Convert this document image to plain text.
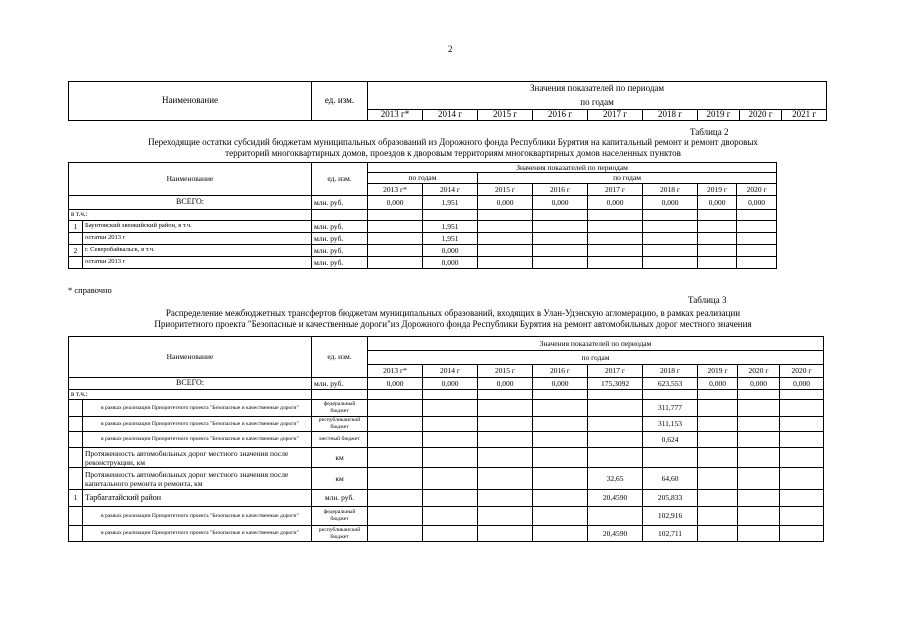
2
Наименование	ед. изм.	Значения показателей по периодам								
		по годам								
		2013 г*	2014 г	2015 г	2016 г	2017 г	2018 г	2019 г	2020 г	2021 г
Таблица 2
Переходящие остатки субсидий бюджетам муниципальных образований из Дорожного фонда Республики Бурятия на капитальный ремонт и ремонт дворовых
территорий многоквартирных домов, проездов к дворовым территориям многоквартирных домов населенных пунктов
Наименование		ед. изм.	Значения показателей по периодам							
			по годам		по годам					
			2013 г*	2014 г	2015 г	2016 г	2017 г	2018 г	2019 г	2020 г
ВСЕГО:		млн. руб.	0,000	1,951	0,000	0,000	0,000	0,000	0,000	0,000
в т.ч.:										
1	Баунтовский эвенкийский район, в т.ч.	млн. руб.		1,951						
	остатки 2013 г	млн. руб.		1,951						
2	г. Северобайкальск, в т.ч.	млн. руб.		0,000						
	остатки 2013 г	млн. руб.		0,000						
* справочно
Таблица 3
Распределение межбюджетных трансфертов бюджетам муниципальных образований, входящих в Улан-Удэнскую агломерацию, в рамках реализации
Приоритетного проекта "Безопасные и качественные дороги"из Дорожного фонда Республики Бурятия на ремонт автомобильных дорог местного значения
Наименование		ед. изм.	Значения показателей по периодам								
			по годам								
			2013 г*	2014 г	2015 г	2016 г	2017 г	2018 г	2019 г	2020 г	2020 г
ВСЕГО:		млн. руб.	0,000	0,000	0,000	0,000	175,3092	623,553	0,000	0,000	0,000
в т.ч.:											
	в рамках реализации Приоритетного проекта "Безопасные и качественные дороги"	федеральный бюджет						311,777			
	в рамках реализации Приоритетного проекта "Безопасные и качественные дороги"	республиканский бюджет						311,153			
	в рамках реализации Приоритетного проекта "Безопасные и качественные дороги"	местный бюджет						0,624			
	Протяженность автомобильных дорог местного значения после реконструкции, км	км									
	Протяженность автомобильных дорог местного значения после капитального ремонта и ремонта, км	км					32,65	64,60			
1	Тарбагатайский район	млн. руб.					20,4590	205,833			
	в рамках реализации Приоритетного проекта "Безопасные и качественные дороги"	федеральный бюджет						102,916			
	в рамках реализации Приоритетного проекта "Безопасные и качественные дороги"	республиканский бюджет					20,4590	102,711			
